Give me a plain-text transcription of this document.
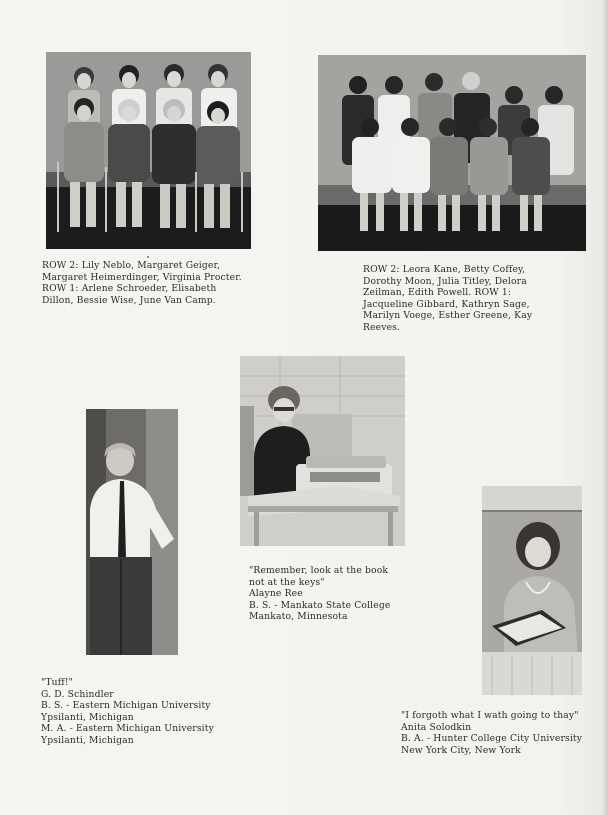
ROW 2: Lily Neblo, Margaret Geiger,
Margaret Heimerdinger, Virginia Procter.
ROW 1: Arlene Schroeder, Elisabeth
Dillon, Bessie Wise, June Van Camp.
ROW 2: Leora Kane, Betty Coffey,
Dorothy Moon, Julia Titley, Delora
Zeilman, Edith Powell. ROW 1:
Jacqueline Gibbard, Kathryn Sage,
Marilyn Voege, Esther Greene, Kay
Reeves.
"Remember, look at the book
not at the keys"
Alayne Ree
B. S. - Mankato State College
Mankato, Minnesota
"Tuff!"
G. D. Schindler
B. S. - Eastern Michigan University
Ypsilanti, Michigan
M. A. - Eastern Michigan University
Ypsilanti, Michigan
"I forgoth what I wath going to thay"
Anita Solodkin
B. A. - Hunter College City University
New York City, New York
